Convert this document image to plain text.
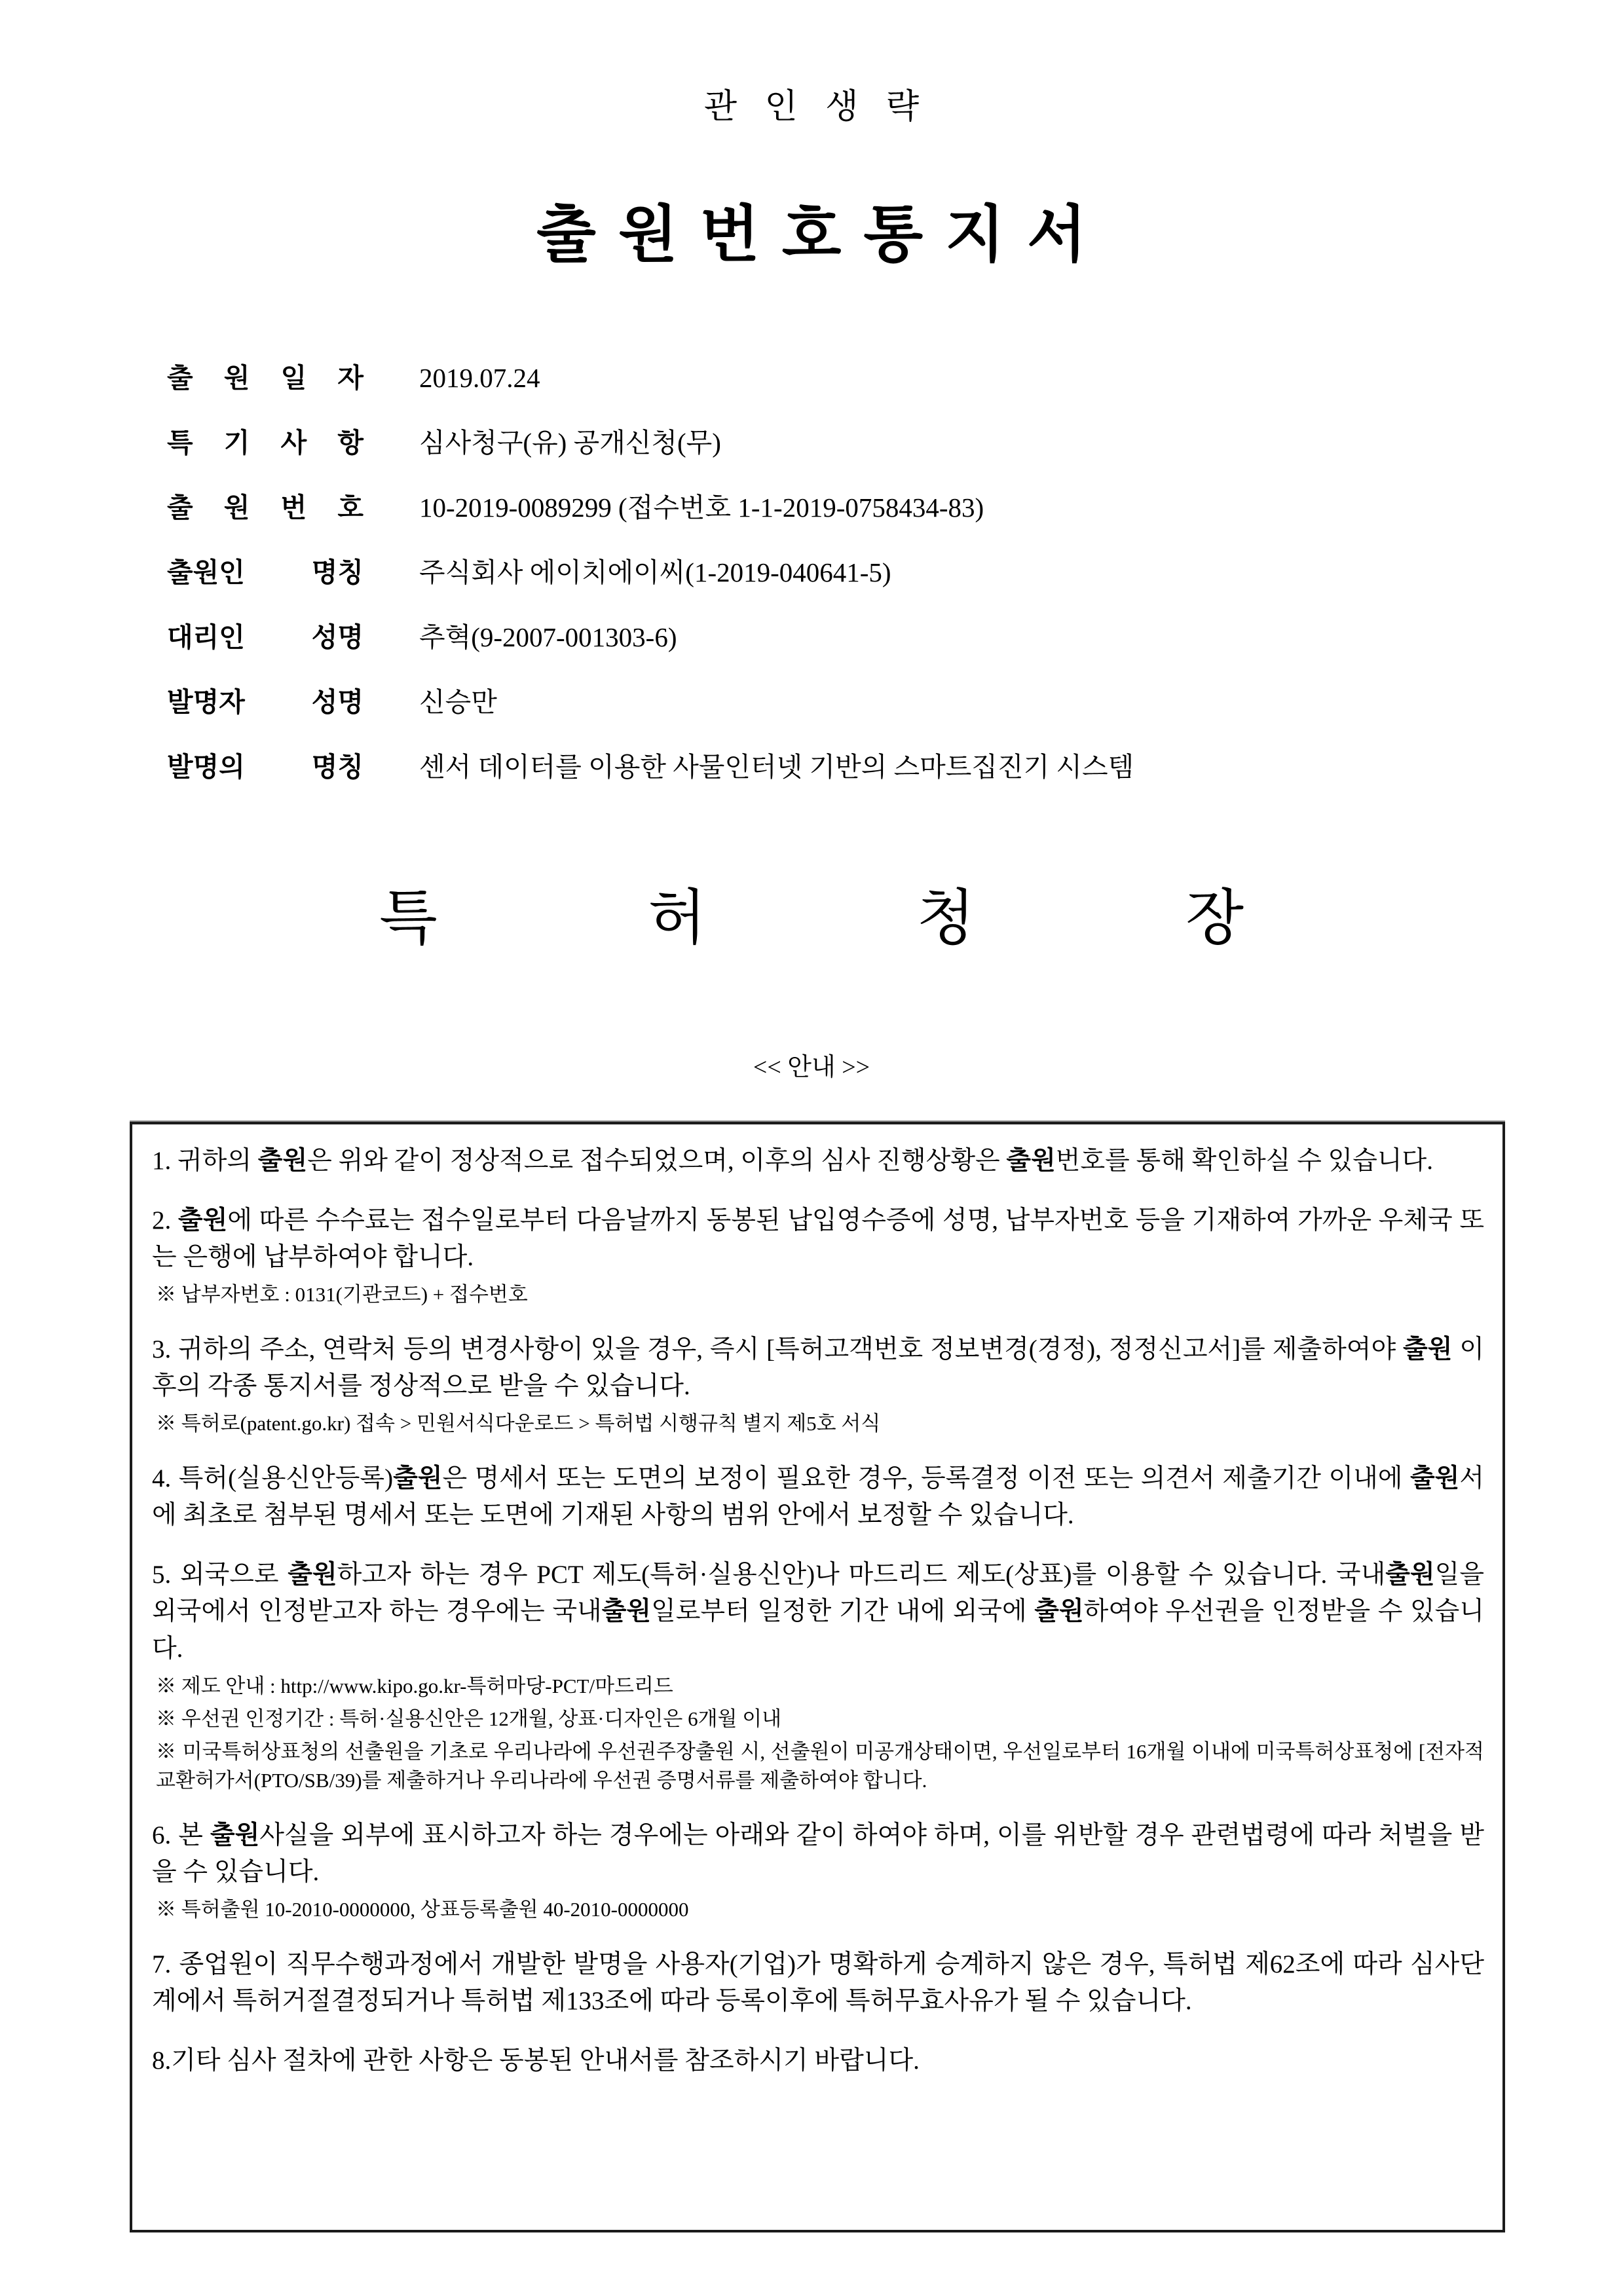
관 인 생 략
출원번호통지서
출 원 일 자 2019.07.24
특 기 사 항 심사청구(유) 공개신청(무)
출 원 번 호 10-2019-0089299 (접수번호 1-1-2019-0758434-83)
출원인 명칭 주식회사 에이치에이씨(1-2019-040641-5)
대리인 성명 추혁(9-2007-001303-6)
발명자 성명 신승만
발명의 명칭 센서 데이터를 이용한 사물인터넷 기반의 스마트집진기 시스템
특	허	청	장
<< 안내 >>

1. 귀하의 출원은 위와 같이 정상적으로 접수되었으며, 이후의 심사 진행상황은 출원번호를 통해 확인하실 수 있습니다.

2. 출원에 따른 수수료는 접수일로부터 다음날까지 동봉된 납입영수증에 성명, 납부자번호 등을 기재하여 가까운 우체국 또는 은행에 납부하여야 합니다.

※ 납부자번호 : 0131(기관코드) + 접수번호

3. 귀하의 주소, 연락처 등의 변경사항이 있을 경우, 즉시 [특허고객번호 정보변경(경정), 정정신고서]를 제출하여야 출원 이후의 각종 통지서를 정상적으로 받을 수 있습니다.

※ 특허로(patent.go.kr) 접속 > 민원서식다운로드 > 특허법 시행규칙 별지 제5호 서식

4. 특허(실용신안등록)출원은 명세서 또는 도면의 보정이 필요한 경우, 등록결정 이전 또는 의견서 제출기간 이내에 출원서에 최초로 첨부된 명세서 또는 도면에 기재된 사항의 범위 안에서 보정할 수 있습니다.

5. 외국으로 출원하고자 하는 경우 PCT 제도(특허·실용신안)나 마드리드 제도(상표)를 이용할 수 있습니다. 국내출원일을 외국에서 인정받고자 하는 경우에는 국내출원일로부터 일정한 기간 내에 외국에 출원하여야 우선권을 인정받을 수 있습니다.

※ 제도 안내 : http://www.kipo.go.kr-특허마당-PCT/마드리드

※ 우선권 인정기간 : 특허·실용신안은 12개월, 상표·디자인은 6개월 이내

※ 미국특허상표청의 선출원을 기초로 우리나라에 우선권주장출원 시, 선출원이 미공개상태이면, 우선일로부터 16개월 이내에 미국특허상표청에 [전자적교환허가서(PTO/SB/39)를 제출하거나 우리나라에 우선권 증명서류를 제출하여야 합니다.

6. 본 출원사실을 외부에 표시하고자 하는 경우에는 아래와 같이 하여야 하며, 이를 위반할 경우 관련법령에 따라 처벌을 받을 수 있습니다.

※ 특허출원 10-2010-0000000, 상표등록출원 40-2010-0000000

7. 종업원이 직무수행과정에서 개발한 발명을 사용자(기업)가 명확하게 승계하지 않은 경우, 특허법 제62조에 따라 심사단계에서 특허거절결정되거나 특허법 제133조에 따라 등록이후에 특허무효사유가 될 수 있습니다.

8.기타 심사 절차에 관한 사항은 동봉된 안내서를 참조하시기 바랍니다.
